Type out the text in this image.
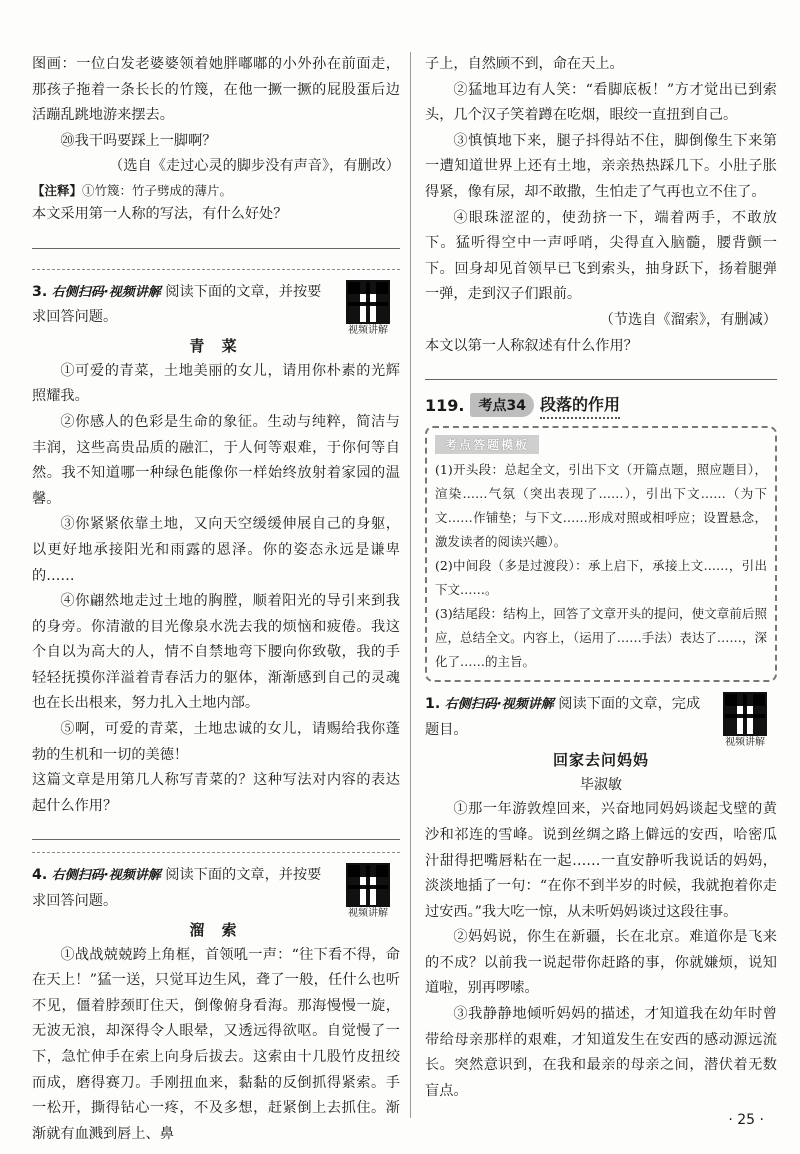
图画：一位白发老婆婆领着她胖嘟嘟的小外孙在前面走，那孩子拖着一条长长的竹篾，在他一撅一撅的屁股蛋后边活蹦乱跳地游来摆去。

⑳我干吗要踩上一脚啊？

（选自《走过心灵的脚步没有声音》，有删改）

【注释】①竹篾：竹子劈成的薄片。

本文采用第一人称的写法，有什么好处？

3. 右侧扫码·视频讲解 阅读下面的文章，并按要求回答问题。
视频讲解
青 菜

①可爱的青菜，土地美丽的女儿，请用你朴素的光辉照耀我。

②你感人的色彩是生命的象征。生动与纯粹，简洁与丰润，这些高贵品质的融汇，于人何等艰难，于你何等自然。我不知道哪一种绿色能像你一样始终放射着家园的温馨。

③你紧紧依靠土地，又向天空缓缓伸展自己的身躯，以更好地承接阳光和雨露的恩泽。你的姿态永远是谦卑的……

④你翩然地走过土地的胸膛，顺着阳光的导引来到我的身旁。你清澈的目光像泉水洗去我的烦恼和疲倦。我这个自以为高大的人，情不自禁地弯下腰向你致敬，我的手轻轻抚摸你洋溢着青春活力的躯体，渐渐感到自己的灵魂也在长出根来，努力扎入土地内部。

⑤啊，可爱的青菜，土地忠诚的女儿，请赐给我你蓬勃的生机和一切的美德！

这篇文章是用第几人称写青菜的？这种写法对内容的表达起什么作用？

4. 右侧扫码·视频讲解 阅读下面的文章，并按要求回答问题。
视频讲解
溜 索

①战战兢兢跨上角框，首领吼一声：“往下看不得，命在天上！”猛一送，只觉耳边生风，聋了一般，任什么也听不见，僵着脖颈盯住天，倒像俯身看海。那海慢慢一旋，无波无浪，却深得令人眼晕，又透远得欲呕。自觉慢了一下，急忙伸手在索上向身后拔去。这索由十几股竹皮扭绞而成，磨得赛刀。手刚扭血来，黏黏的反倒抓得紧索。手一松开，撕得钻心一疼，不及多想，赶紧倒上去抓住。渐渐就有血溅到唇上、鼻

子上，自然顾不到，命在天上。

②猛地耳边有人笑：“看脚底板！”方才觉出已到索头，几个汉子笑着蹲在吃烟，眼绞一直扭到自己。

③慎慎地下来，腿子抖得站不住，脚倒像生下来第一遭知道世界上还有土地，亲亲热热踩几下。小肚子胀得紧，像有尿，却不敢撒，生怕走了气再也立不住了。

④眼珠涩涩的，使劲挤一下，端着两手，不敢放下。猛听得空中一声呼哨，尖得直入脑髓，腰背颤一下。回身却见首领早已飞到索头，抽身跃下，扬着腿弹一弹，走到汉子们跟前。

（节选自《溜索》，有删减）

本文以第一人称叙述有什么作用？

119.	考点34 段落的作用
考点答题模板

(1)开头段：总起全文，引出下文（开篇点题，照应题目），渲染……气氛（突出表现了……），引出下文……（为下文……作铺垫；与下文……形成对照或相呼应；设置悬念，激发读者的阅读兴趣）。

(2)中间段（多是过渡段）：承上启下，承接上文……，引出下文……。

(3)结尾段：结构上，回答了文章开头的提问，使文章前后照应，总结全文。内容上，（运用了……手法）表达了……，深化了……的主旨。

1. 右侧扫码·视频讲解 阅读下面的文章，完成题目。
视频讲解
回家去问妈妈
毕淑敏

①那一年游敦煌回来，兴奋地同妈妈谈起戈壁的黄沙和祁连的雪峰。说到丝绸之路上僻远的安西，哈密瓜汁甜得把嘴唇粘在一起……一直安静听我说话的妈妈，淡淡地插了一句：“在你不到半岁的时候，我就抱着你走过安西。”我大吃一惊，从未听妈妈谈过这段往事。

②妈妈说，你生在新疆，长在北京。难道你是飞来的不成？以前我一说起带你赶路的事，你就嫌烦，说知道啦，别再啰嗦。

③我静静地倾听妈妈的描述，才知道我在幼年时曾带给母亲那样的艰难，才知道发生在安西的感动源远流长。突然意识到，在我和最亲的母亲之间，潜伏着无数盲点。

· 25 ·
